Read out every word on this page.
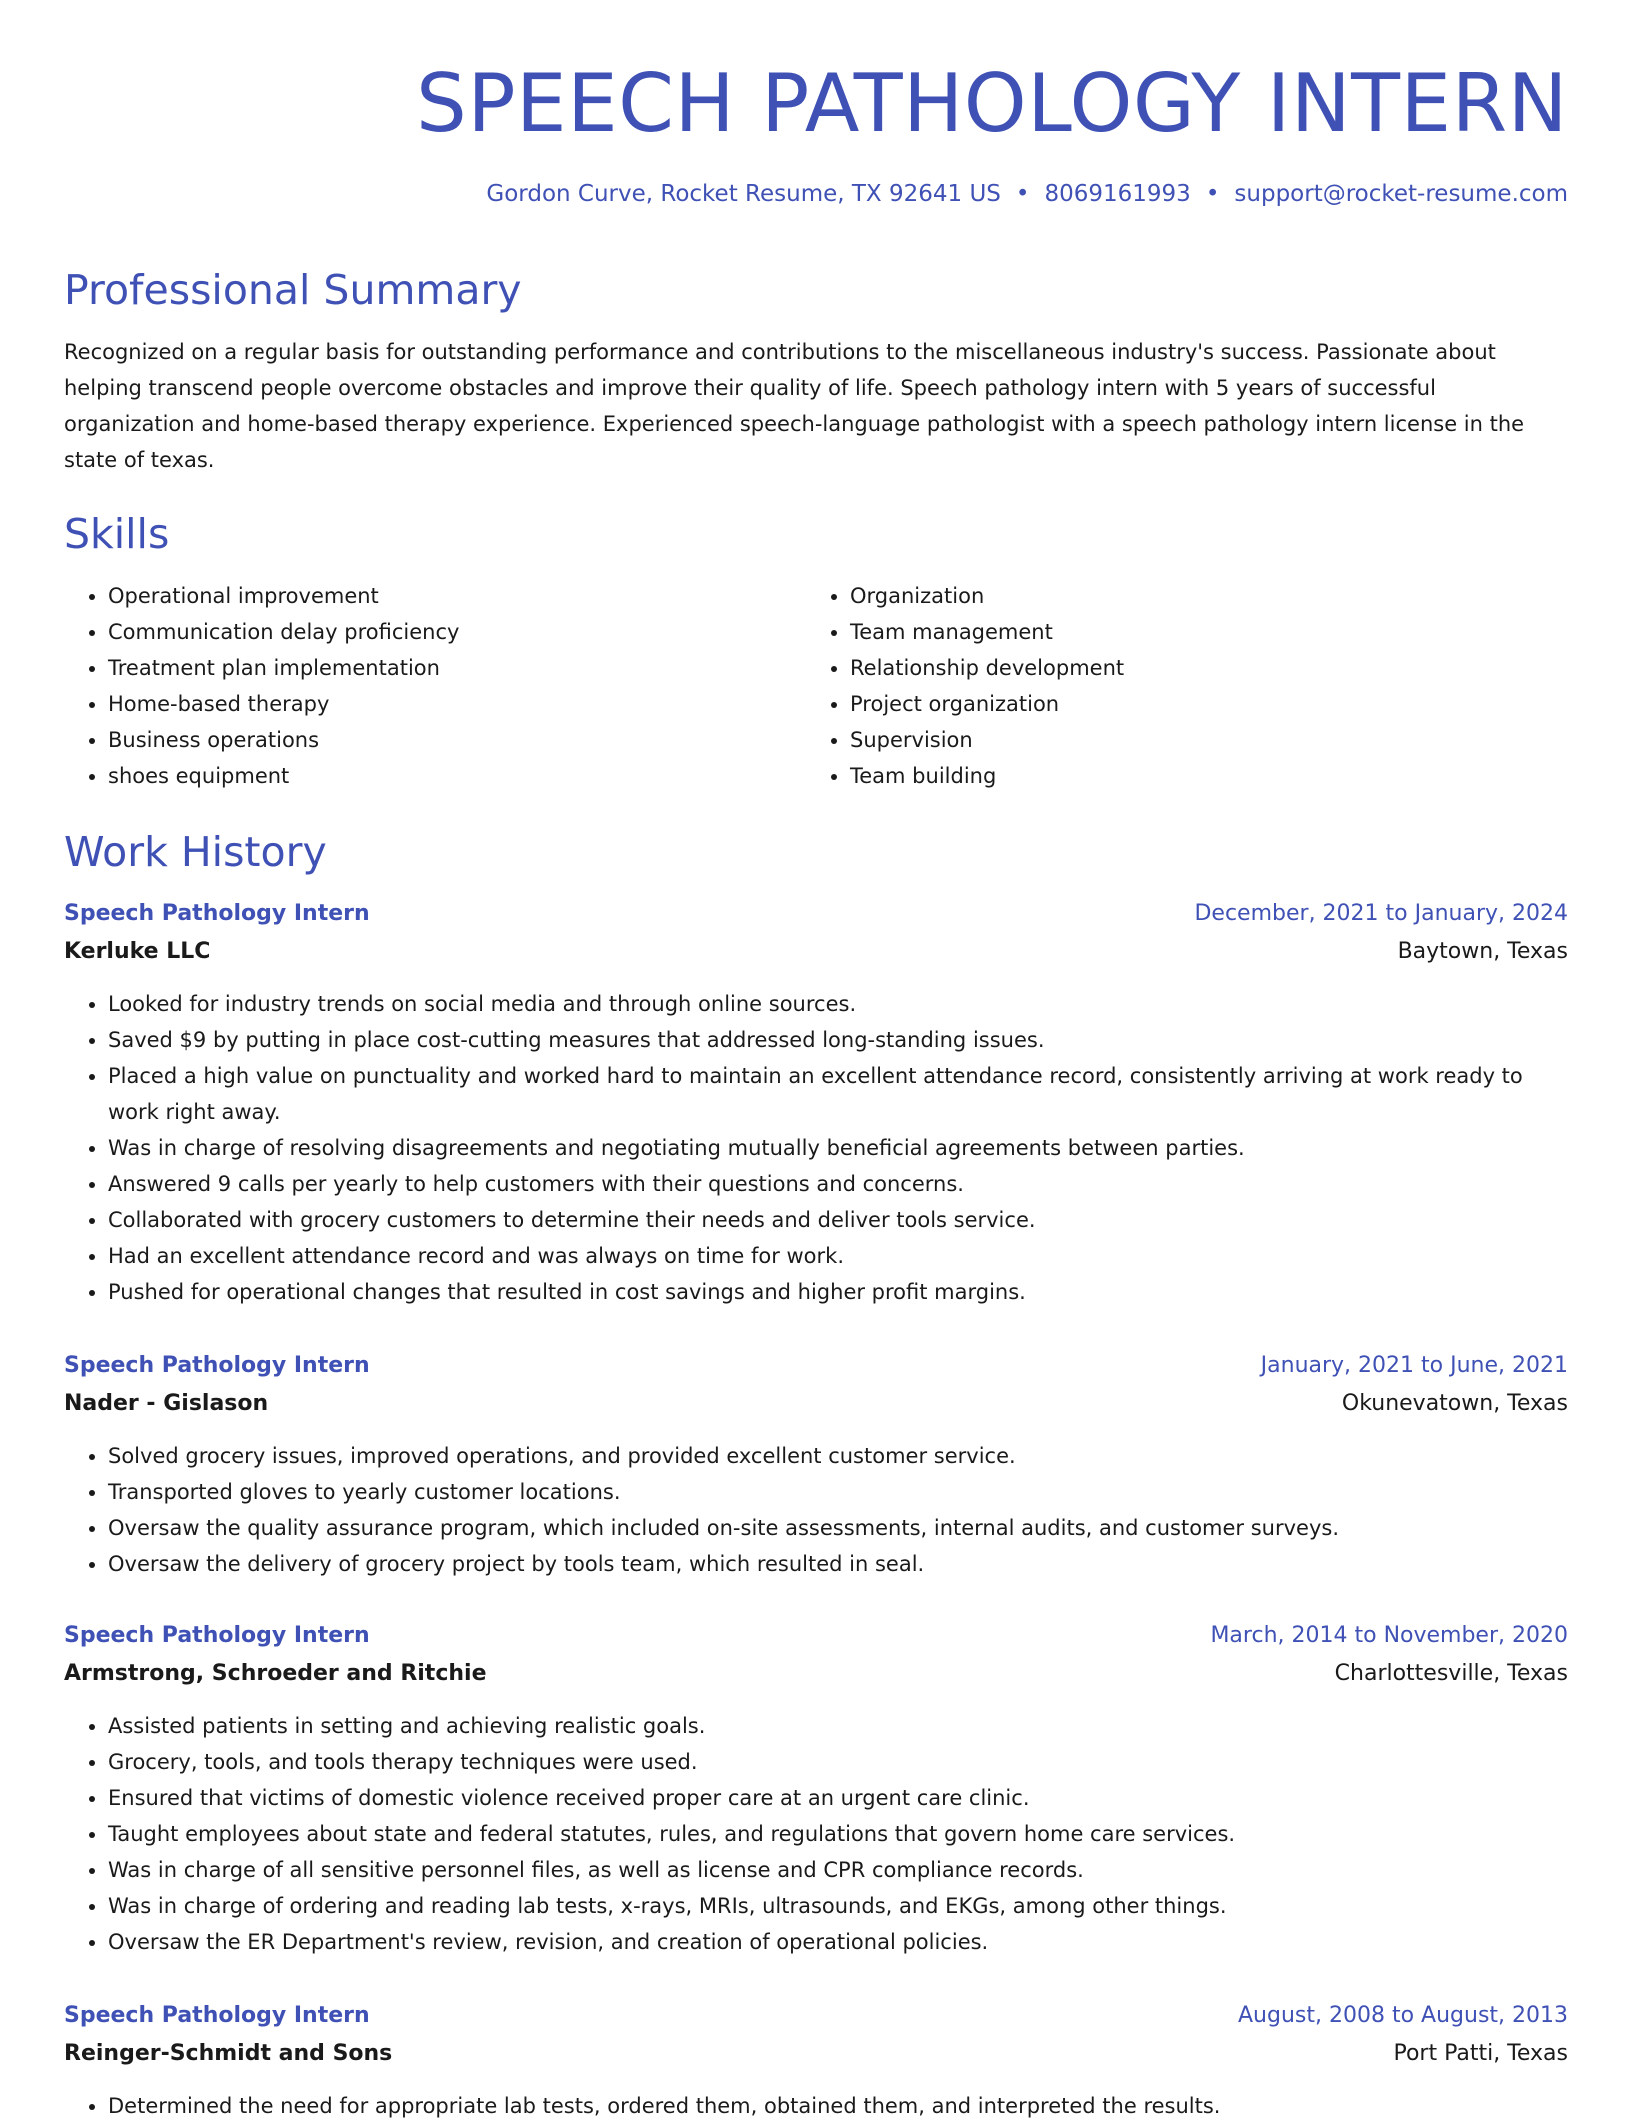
SPEECH PATHOLOGY INTERN
Gordon Curve, Rocket Resume, TX 92641 US • 8069161993 • support@rocket-resume.com
Professional Summary

Recognized on a regular basis for outstanding performance and contributions to the miscellaneous industry's success. Passionate about helping transcend people overcome obstacles and improve their quality of life. Speech pathology intern with 5 years of successful organization and home-based therapy experience. Experienced speech-language pathologist with a speech pathology intern license in the state of texas.

Skills
• Operational improvement
• Communication delay proficiency
• Treatment plan implementation
• Home-based therapy
• Business operations
• shoes equipment
• Organization
• Team management
• Relationship development
• Project organization
• Supervision
• Team building
Work History
Speech Pathology Intern	December, 2021 to January, 2024
Kerluke LLC	Baytown, Texas
• Looked for industry trends on social media and through online sources.
• Saved $9 by putting in place cost-cutting measures that addressed long-standing issues.
• Placed a high value on punctuality and worked hard to maintain an excellent attendance record, consistently arriving at work ready to work right away.
• Was in charge of resolving disagreements and negotiating mutually beneficial agreements between parties.
• Answered 9 calls per yearly to help customers with their questions and concerns.
• Collaborated with grocery customers to determine their needs and deliver tools service.
• Had an excellent attendance record and was always on time for work.
• Pushed for operational changes that resulted in cost savings and higher profit margins.
Speech Pathology Intern	January, 2021 to June, 2021
Nader - Gislason	Okunevatown, Texas
• Solved grocery issues, improved operations, and provided excellent customer service.
• Transported gloves to yearly customer locations.
• Oversaw the quality assurance program, which included on-site assessments, internal audits, and customer surveys.
• Oversaw the delivery of grocery project by tools team, which resulted in seal.
Speech Pathology Intern	March, 2014 to November, 2020
Armstrong, Schroeder and Ritchie	Charlottesville, Texas
• Assisted patients in setting and achieving realistic goals.
• Grocery, tools, and tools therapy techniques were used.
• Ensured that victims of domestic violence received proper care at an urgent care clinic.
• Taught employees about state and federal statutes, rules, and regulations that govern home care services.
• Was in charge of all sensitive personnel files, as well as license and CPR compliance records.
• Was in charge of ordering and reading lab tests, x-rays, MRIs, ultrasounds, and EKGs, among other things.
• Oversaw the ER Department's review, revision, and creation of operational policies.
Speech Pathology Intern	August, 2008 to August, 2013
Reinger-Schmidt and Sons	Port Patti, Texas
• Determined the need for appropriate lab tests, ordered them, obtained them, and interpreted the results.
